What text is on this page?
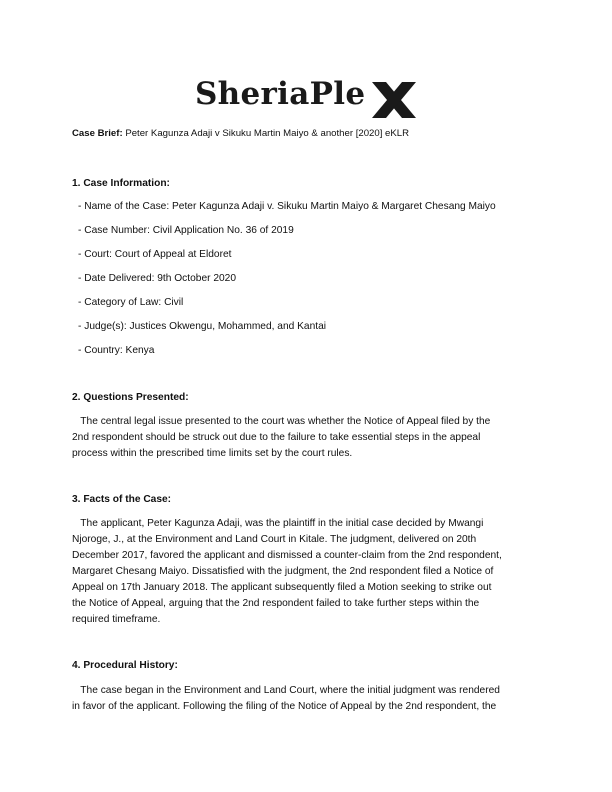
SheriaPle
Case Brief: Peter Kagunza Adaji v Sikuku Martin Maiyo & another [2020] eKLR
1. Case Information:
- Name of the Case: Peter Kagunza Adaji v. Sikuku Martin Maiyo & Margaret Chesang Maiyo
- Case Number: Civil Application No. 36 of 2019
- Court: Court of Appeal at Eldoret
- Date Delivered: 9th October 2020
- Category of Law: Civil
- Judge(s): Justices Okwengu, Mohammed, and Kantai
- Country: Kenya
2. Questions Presented:
The central legal issue presented to the court was whether the Notice of Appeal filed by the
2nd respondent should be struck out due to the failure to take essential steps in the appeal
process within the prescribed time limits set by the court rules.
3. Facts of the Case:
The applicant, Peter Kagunza Adaji, was the plaintiff in the initial case decided by Mwangi
Njoroge, J., at the Environment and Land Court in Kitale. The judgment, delivered on 20th
December 2017, favored the applicant and dismissed a counter-claim from the 2nd respondent,
Margaret Chesang Maiyo. Dissatisfied with the judgment, the 2nd respondent filed a Notice of
Appeal on 17th January 2018. The applicant subsequently filed a Motion seeking to strike out
the Notice of Appeal, arguing that the 2nd respondent failed to take further steps within the
required timeframe.
4. Procedural History:
The case began in the Environment and Land Court, where the initial judgment was rendered
in favor of the applicant. Following the filing of the Notice of Appeal by the 2nd respondent, the
